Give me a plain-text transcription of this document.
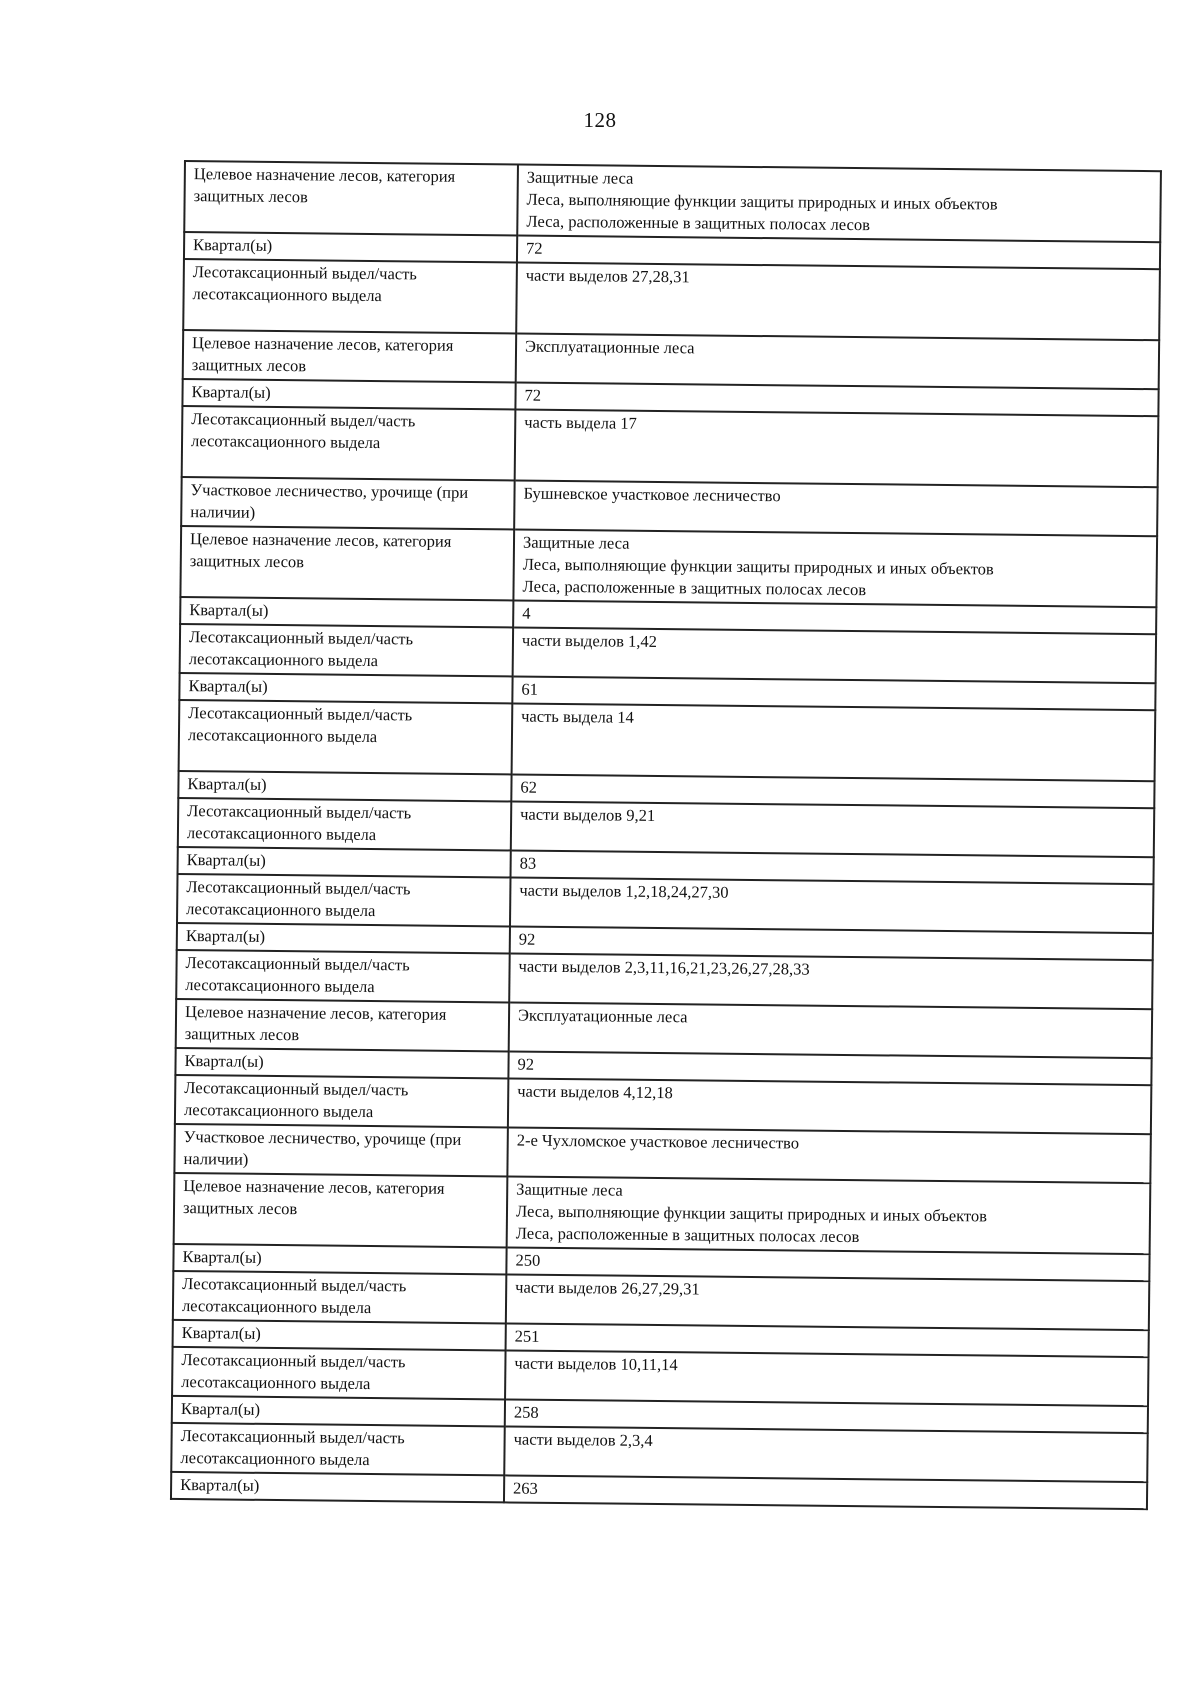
128
Целевое назначение лесов, категория защитных лесов	Защитные леса
Леса, выполняющие функции защиты природных и иных объектов
Леса, расположенные в защитных полосах лесов

Квартал(ы)	72

Лесотаксационный выдел/часть лесотаксационного выдела	части выделов 27,28,31

Целевое назначение лесов, категория защитных лесов	Эксплуатационные леса

Квартал(ы)	72

Лесотаксационный выдел/часть лесотаксационного выдела	часть выдела 17

Участковое лесничество, урочище (при наличии)	Бушневское участковое лесничество

Целевое назначение лесов, категория защитных лесов	Защитные леса
Леса, выполняющие функции защиты природных и иных объектов
Леса, расположенные в защитных полосах лесов

Квартал(ы)	4

Лесотаксационный выдел/часть лесотаксационного выдела	части выделов 1,42

Квартал(ы)	61

Лесотаксационный выдел/часть лесотаксационного выдела	часть выдела 14

Квартал(ы)	62

Лесотаксационный выдел/часть лесотаксационного выдела	части выделов 9,21

Квартал(ы)	83

Лесотаксационный выдел/часть лесотаксационного выдела	части выделов 1,2,18,24,27,30

Квартал(ы)	92

Лесотаксационный выдел/часть лесотаксационного выдела	части выделов 2,3,11,16,21,23,26,27,28,33

Целевое назначение лесов, категория защитных лесов	Эксплуатационные леса

Квартал(ы)	92

Лесотаксационный выдел/часть лесотаксационного выдела	части выделов 4,12,18

Участковое лесничество, урочище (при наличии)	2-е Чухломское участковое лесничество

Целевое назначение лесов, категория защитных лесов	Защитные леса
Леса, выполняющие функции защиты природных и иных объектов
Леса, расположенные в защитных полосах лесов

Квартал(ы)	250

Лесотаксационный выдел/часть лесотаксационного выдела	части выделов 26,27,29,31

Квартал(ы)	251

Лесотаксационный выдел/часть лесотаксационного выдела	части выделов 10,11,14

Квартал(ы)	258

Лесотаксационный выдел/часть лесотаксационного выдела	части выделов 2,3,4

Квартал(ы)	263
